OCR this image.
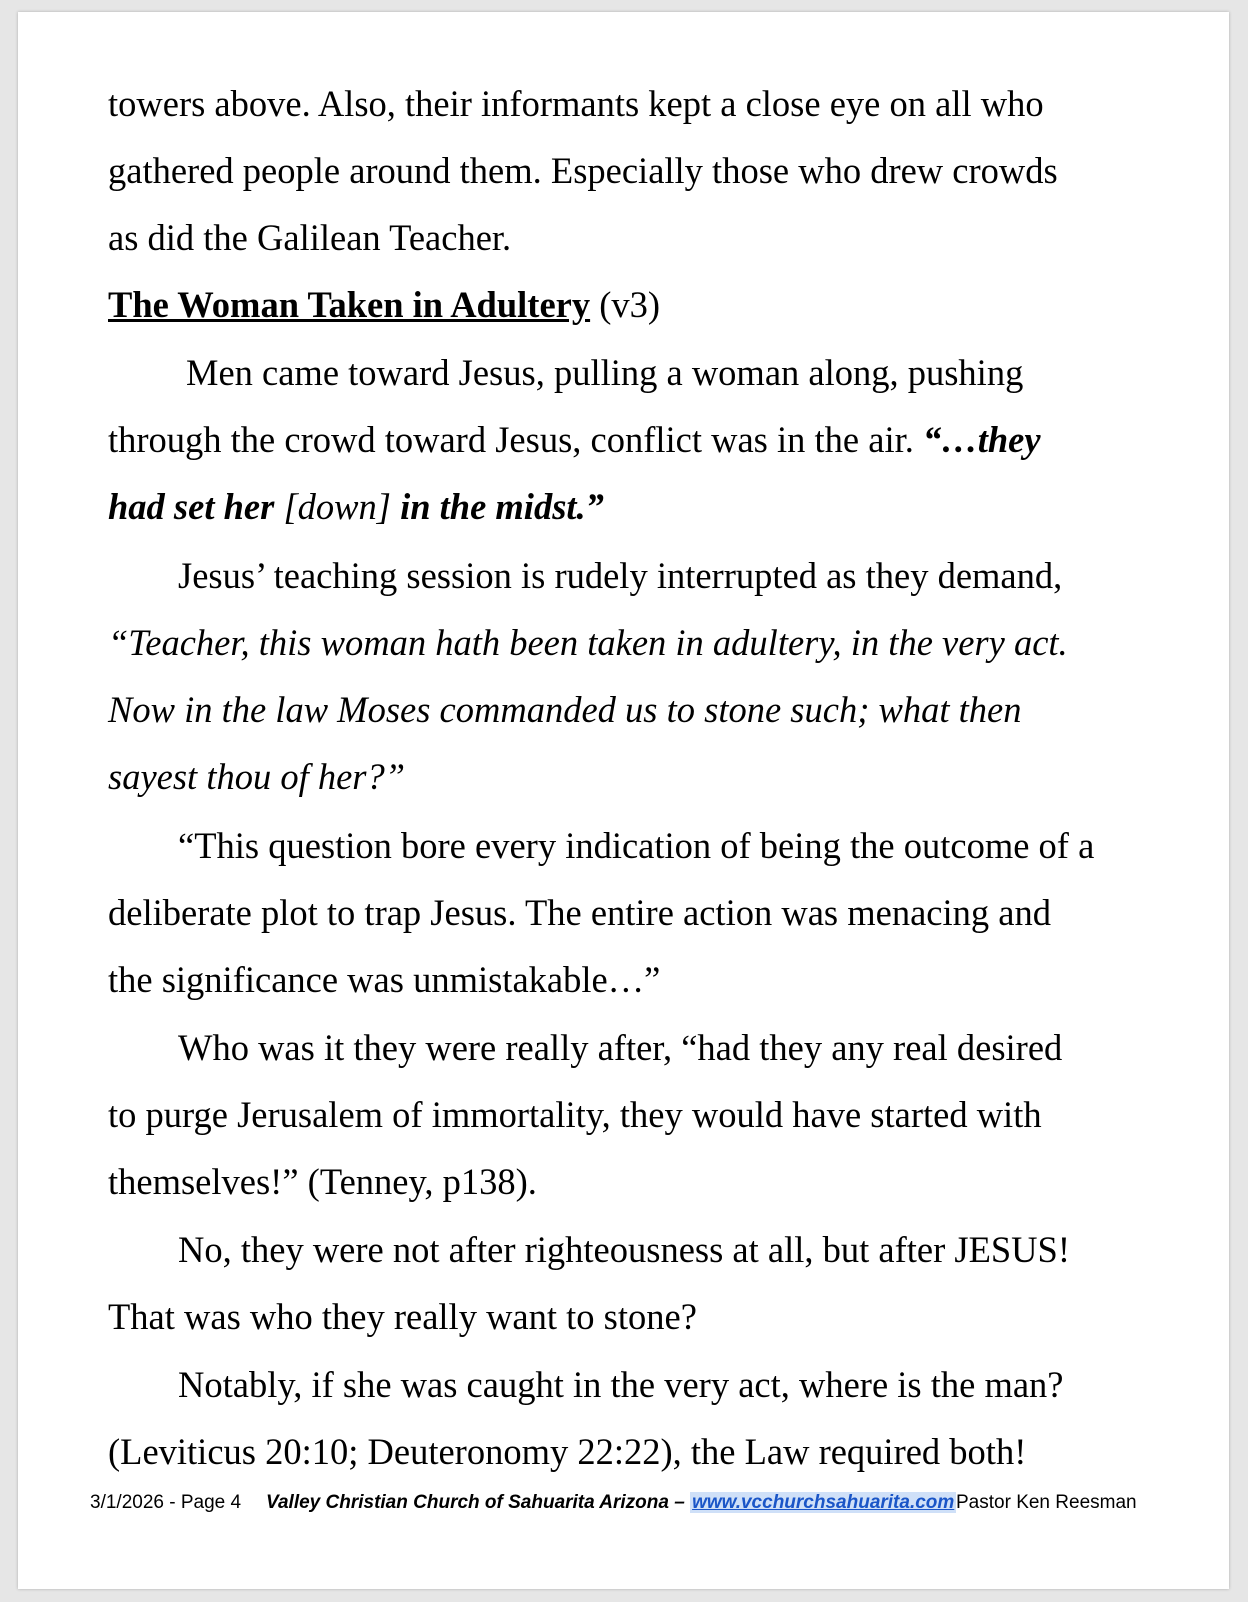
towers above. Also, their informants kept a close eye on all who
gathered people around them. Especially those who drew crowds
as did the Galilean Teacher.
The Woman Taken in Adultery (v3)
Men came toward Jesus, pulling a woman along, pushing
through the crowd toward Jesus, conflict was in the air. “…they
had set her [down] in the midst.”
Jesus’ teaching session is rudely interrupted as they demand,
“Teacher, this woman hath been taken in adultery, in the very act.
Now in the law Moses commanded us to stone such; what then
sayest thou of her?”
“This question bore every indication of being the outcome of a
deliberate plot to trap Jesus. The entire action was menacing and
the significance was unmistakable…”
Who was it they were really after, “had they any real desired
to purge Jerusalem of immortality, they would have started with
themselves!” (Tenney, p138).
No, they were not after righteousness at all, but after JESUS!
That was who they really want to stone?
Notably, if she was caught in the very act, where is the man?
(Leviticus 20:10; Deuteronomy 22:22), the Law required both!
3/1/2026 - Page 4 Valley Christian Church of Sahuarita Arizona – www.vcchurchsahuarita.com Pastor Ken Reesman
